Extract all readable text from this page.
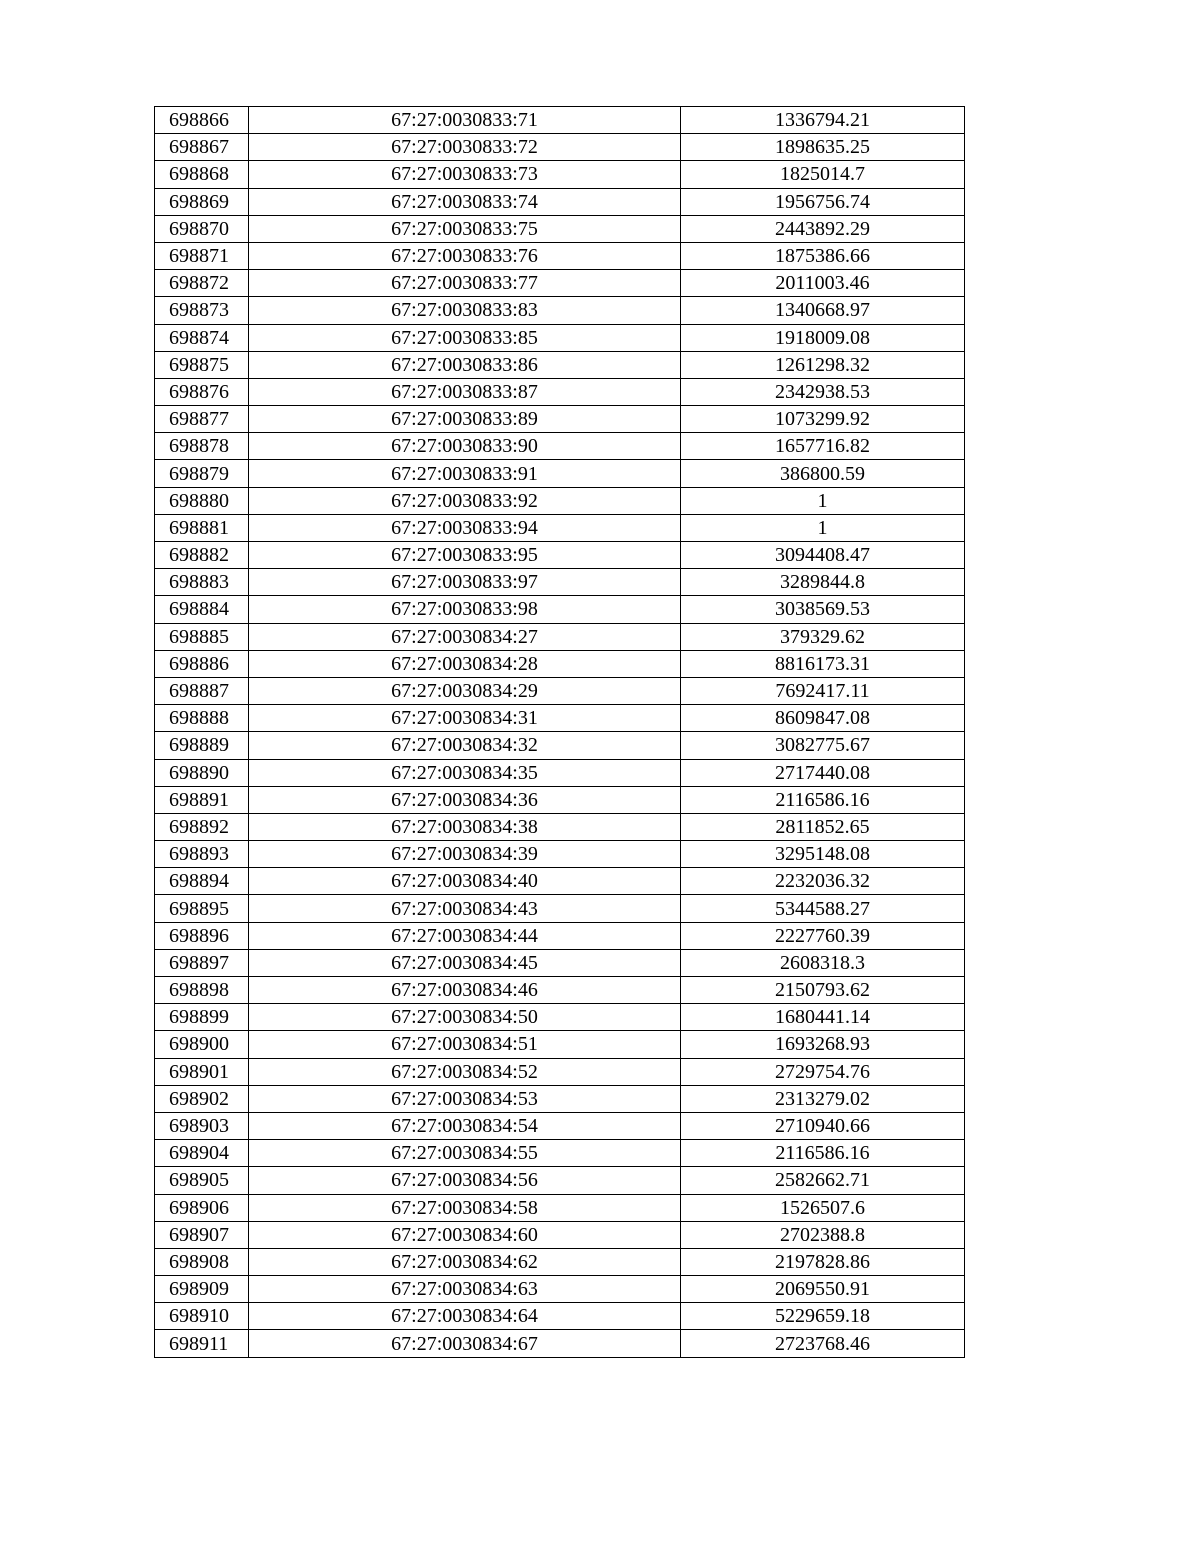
698866	67:27:0030833:71	1336794.21
698867	67:27:0030833:72	1898635.25
698868	67:27:0030833:73	1825014.7
698869	67:27:0030833:74	1956756.74
698870	67:27:0030833:75	2443892.29
698871	67:27:0030833:76	1875386.66
698872	67:27:0030833:77	2011003.46
698873	67:27:0030833:83	1340668.97
698874	67:27:0030833:85	1918009.08
698875	67:27:0030833:86	1261298.32
698876	67:27:0030833:87	2342938.53
698877	67:27:0030833:89	1073299.92
698878	67:27:0030833:90	1657716.82
698879	67:27:0030833:91	386800.59
698880	67:27:0030833:92	1
698881	67:27:0030833:94	1
698882	67:27:0030833:95	3094408.47
698883	67:27:0030833:97	3289844.8
698884	67:27:0030833:98	3038569.53
698885	67:27:0030834:27	379329.62
698886	67:27:0030834:28	8816173.31
698887	67:27:0030834:29	7692417.11
698888	67:27:0030834:31	8609847.08
698889	67:27:0030834:32	3082775.67
698890	67:27:0030834:35	2717440.08
698891	67:27:0030834:36	2116586.16
698892	67:27:0030834:38	2811852.65
698893	67:27:0030834:39	3295148.08
698894	67:27:0030834:40	2232036.32
698895	67:27:0030834:43	5344588.27
698896	67:27:0030834:44	2227760.39
698897	67:27:0030834:45	2608318.3
698898	67:27:0030834:46	2150793.62
698899	67:27:0030834:50	1680441.14
698900	67:27:0030834:51	1693268.93
698901	67:27:0030834:52	2729754.76
698902	67:27:0030834:53	2313279.02
698903	67:27:0030834:54	2710940.66
698904	67:27:0030834:55	2116586.16
698905	67:27:0030834:56	2582662.71
698906	67:27:0030834:58	1526507.6
698907	67:27:0030834:60	2702388.8
698908	67:27:0030834:62	2197828.86
698909	67:27:0030834:63	2069550.91
698910	67:27:0030834:64	5229659.18
698911	67:27:0030834:67	2723768.46
